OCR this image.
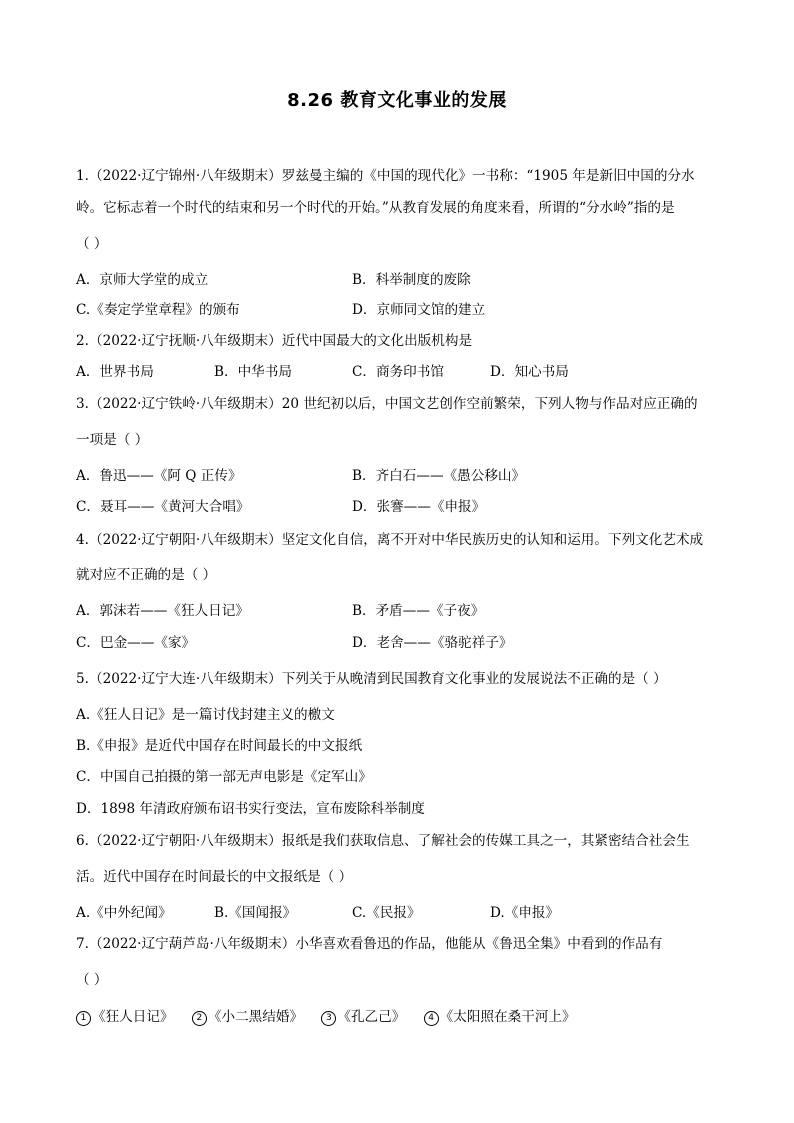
8.26 教育文化事业的发展
1.（2022·辽宁锦州·八年级期末）罗兹曼主编的《中国的现代化》一书称：“1905 年是新旧中国的分水
岭。它标志着一个时代的结束和另一个时代的开始。”从教育发展的角度来看，所谓的“分水岭”指的是
（ ）
A．京师大学堂的成立	B．科举制度的废除
C.《奏定学堂章程》的颁布	D．京师同文馆的建立
2.（2022·辽宁抚顺·八年级期末）近代中国最大的文化出版机构是
A．世界书局	B．中华书局	C．商务印书馆	D．知心书局
3.（2022·辽宁铁岭·八年级期末）20 世纪初以后，中国文艺创作空前繁荣，下列人物与作品对应正确的
一项是（ ）
A．鲁迅——《阿 Q 正传》	B．齐白石——《愚公移山》
C．聂耳——《黄河大合唱》	D．张謇——《申报》
4.（2022·辽宁朝阳·八年级期末）坚定文化自信，离不开对中华民族历史的认知和运用。下列文化艺术成
就对应不正确的是（ ）
A．郭沫若——《狂人日记》	B．矛盾——《子夜》
C．巴金——《家》	D．老舍——《骆驼祥子》
5.（2022·辽宁大连·八年级期末）下列关于从晚清到民国教育文化事业的发展说法不正确的是（ ）
A.《狂人日记》是一篇讨伐封建主义的檄文
B.《申报》是近代中国存在时间最长的中文报纸
C．中国自己拍摄的第一部无声电影是《定军山》
D．1898 年清政府颁布诏书实行变法，宣布废除科举制度
6.（2022·辽宁朝阳·八年级期末）报纸是我们获取信息、了解社会的传媒工具之一，其紧密结合社会生
活。近代中国存在时间最长的中文报纸是（ ）
A.《中外纪闻》	B.《国闻报》	C.《民报》	D.《申报》
7.（2022·辽宁葫芦岛·八年级期末）小华喜欢看鲁迅的作品，他能从《鲁迅全集》中看到的作品有
（ ）
1 《狂人日记》	2 《小二黑结婚》	3 《孔乙己》	4 《太阳照在桑干河上》
